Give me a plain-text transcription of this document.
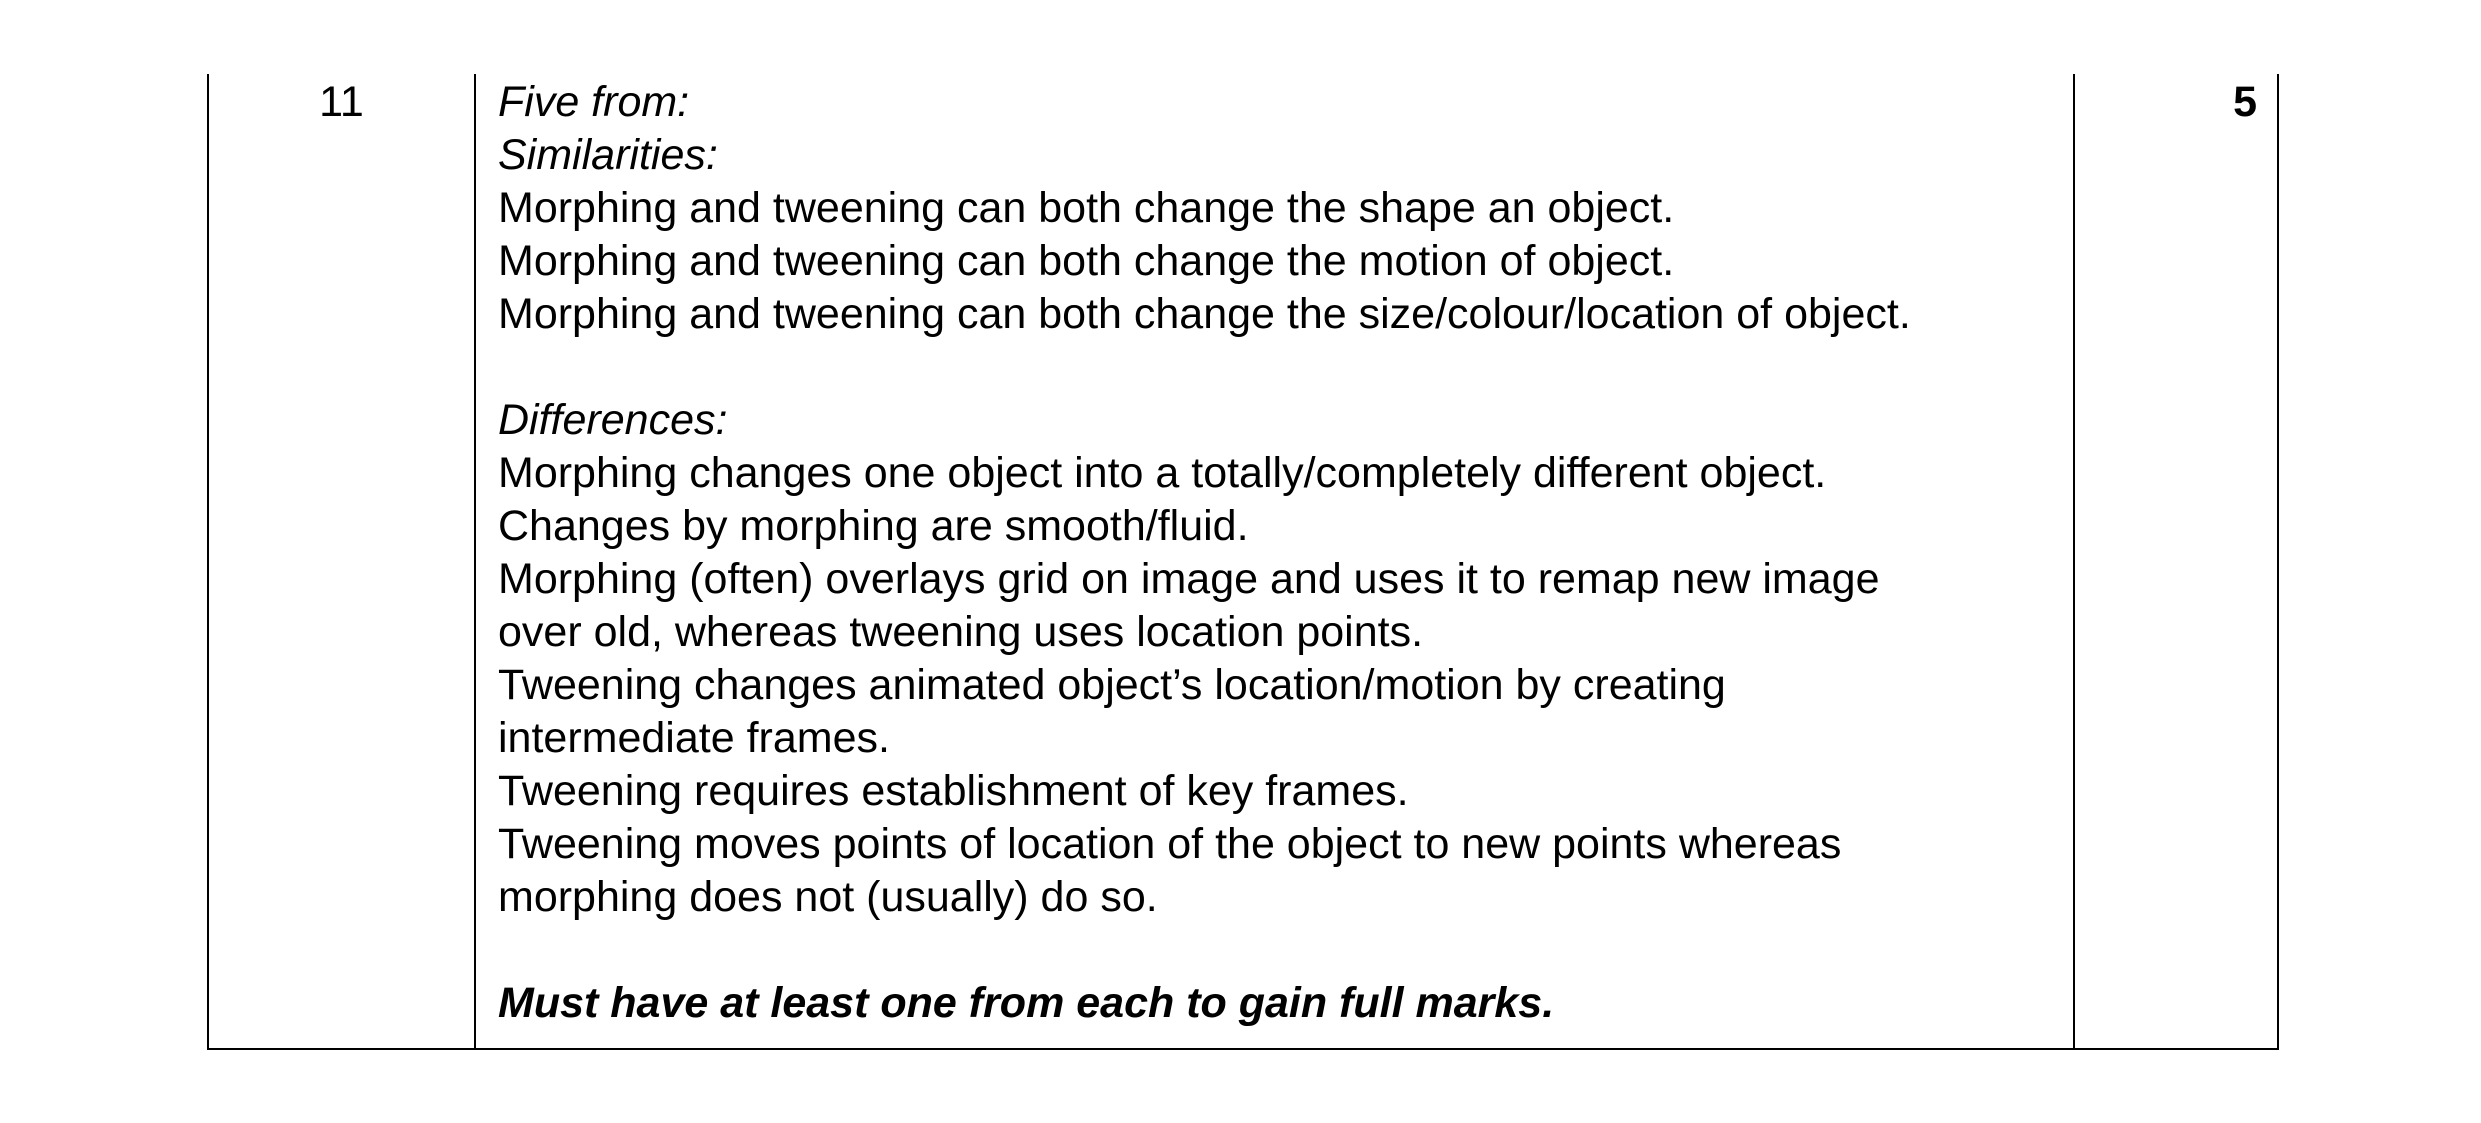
11	Five from:
Similarities:
Morphing and tweening can both change the shape an object.
Morphing and tweening can both change the motion of object.
Morphing and tweening can both change the size/colour/location of object.
Differences:
Morphing changes one object into a totally/completely different object.
Changes by morphing are smooth/fluid.
Morphing (often) overlays grid on image and uses it to remap new image
over old, whereas tweening uses location points.
Tweening changes animated object’s location/motion by creating
intermediate frames.
Tweening requires establishment of key frames.
Tweening moves points of location of the object to new points whereas
morphing does not (usually) do so.
Must have at least one from each to gain full marks.
5
